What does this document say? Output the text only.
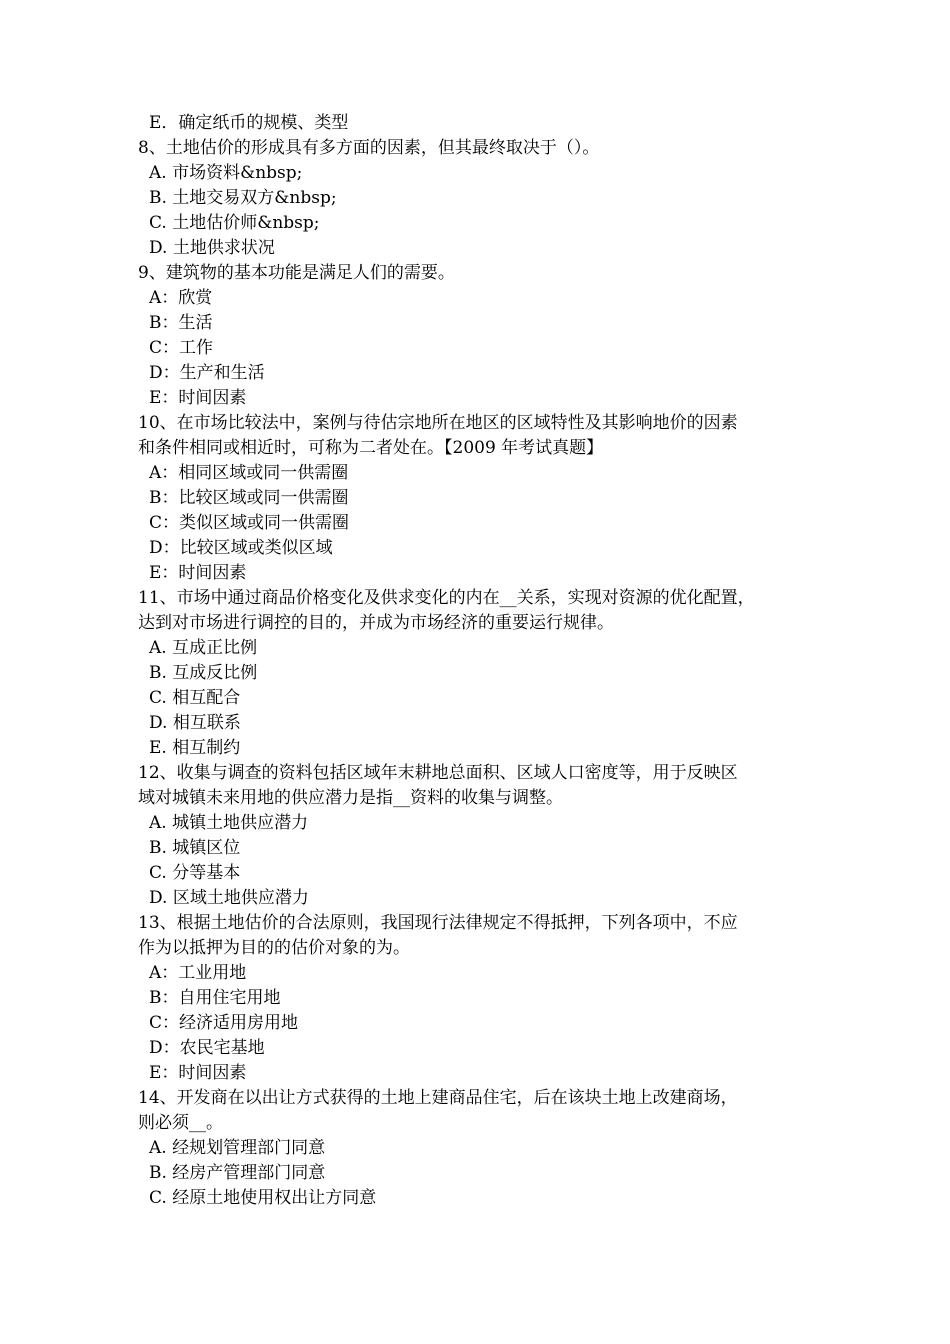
E．确定纸币的规模、类型
8、土地估价的形成具有多方面的因素，但其最终取决于（）。
A. 市场资料&nbsp;
B. 土地交易双方&nbsp;
C. 土地估价师&nbsp;
D. 土地供求状况
9、建筑物的基本功能是满足人们的需要。
A：欣赏
B：生活
C：工作
D：生产和生活
E：时间因素
10、在市场比较法中，案例与待估宗地所在地区的区域特性及其影响地价的因素
和条件相同或相近时，可称为二者处在。【2009 年考试真题】
A：相同区域或同一供需圈
B：比较区域或同一供需圈
C：类似区域或同一供需圈
D：比较区域或类似区域
E：时间因素
11、市场中通过商品价格变化及供求变化的内在__关系，实现对资源的优化配置，
达到对市场进行调控的目的，并成为市场经济的重要运行规律。
A. 互成正比例
B. 互成反比例
C. 相互配合
D. 相互联系
E. 相互制约
12、收集与调查的资料包括区域年末耕地总面积、区域人口密度等，用于反映区
域对城镇未来用地的供应潜力是指__资料的收集与调整。
A. 城镇土地供应潜力
B. 城镇区位
C. 分等基本
D. 区域土地供应潜力
13、根据土地估价的合法原则，我国现行法律规定不得抵押，下列各项中，不应
作为以抵押为目的的估价对象的为。
A：工业用地
B：自用住宅用地
C：经济适用房用地
D：农民宅基地
E：时间因素
14、开发商在以出让方式获得的土地上建商品住宅，后在该块土地上改建商场，
则必须__。
A. 经规划管理部门同意
B. 经房产管理部门同意
C. 经原土地使用权出让方同意
